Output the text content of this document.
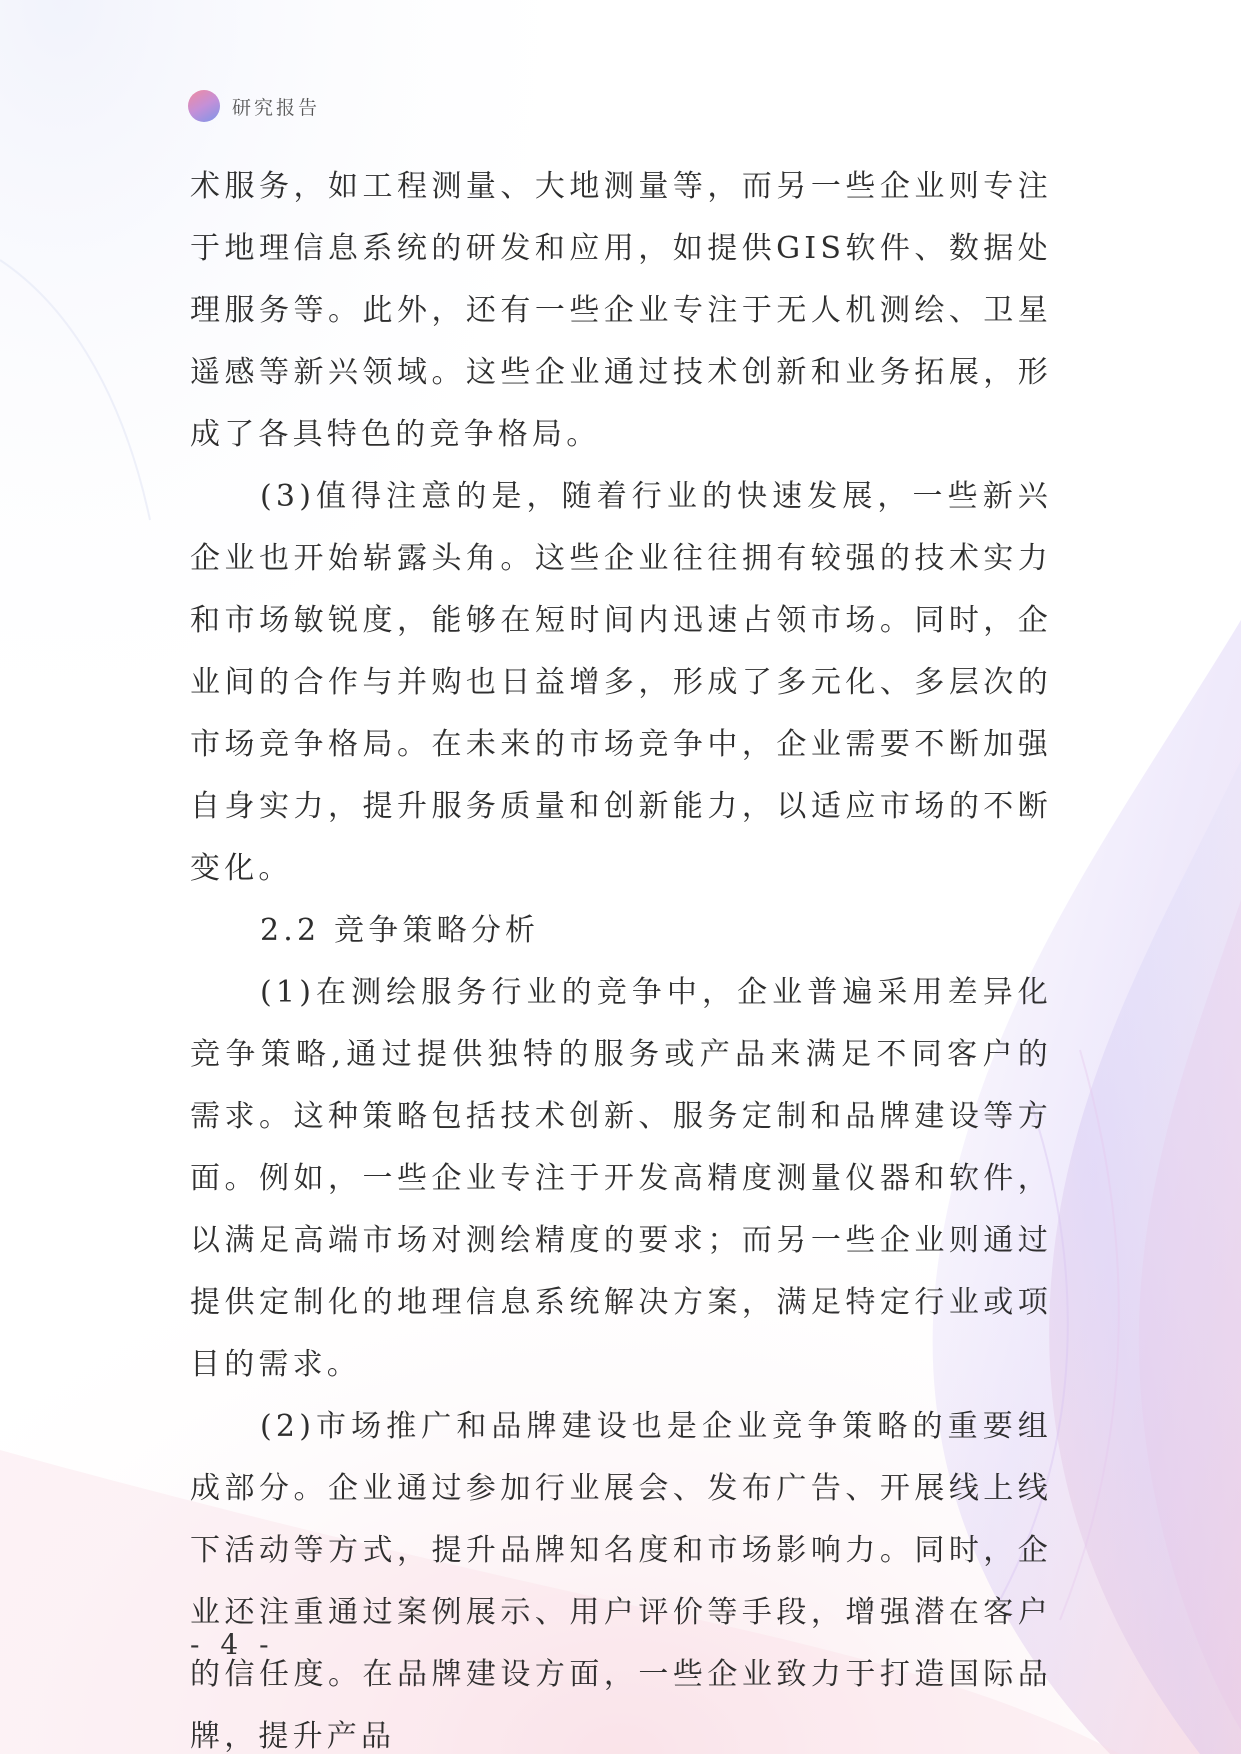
研究报告

术服务，如工程测量、大地测量等，而另一些企业则专注于地理信息系统的研发和应用，如提供GIS软件、数据处理服务等。此外，还有一些企业专注于无人机测绘、卫星遥感等新兴领域。这些企业通过技术创新和业务拓展，形成了各具特色的竞争格局。

(3)值得注意的是，随着行业的快速发展，一些新兴企业也开始崭露头角。这些企业往往拥有较强的技术实力和市场敏锐度，能够在短时间内迅速占领市场。同时，企业间的合作与并购也日益增多，形成了多元化、多层次的市场竞争格局。在未来的市场竞争中，企业需要不断加强自身实力，提升服务质量和创新能力，以适应市场的不断变化。

2.2 竞争策略分析

(1)在测绘服务行业的竞争中，企业普遍采用差异化竞争策略,通过提供独特的服务或产品来满足不同客户的需求。这种策略包括技术创新、服务定制和品牌建设等方面。例如，一些企业专注于开发高精度测量仪器和软件，以满足高端市场对测绘精度的要求；而另一些企业则通过提供定制化的地理信息系统解决方案，满足特定行业或项目的需求。

(2)市场推广和品牌建设也是企业竞争策略的重要组成部分。企业通过参加行业展会、发布广告、开展线上线下活动等方式，提升品牌知名度和市场影响力。同时，企业还注重通过案例展示、用户评价等手段，增强潜在客户的信任度。在品牌建设方面，一些企业致力于打造国际品牌，提升产品

- 4 -
